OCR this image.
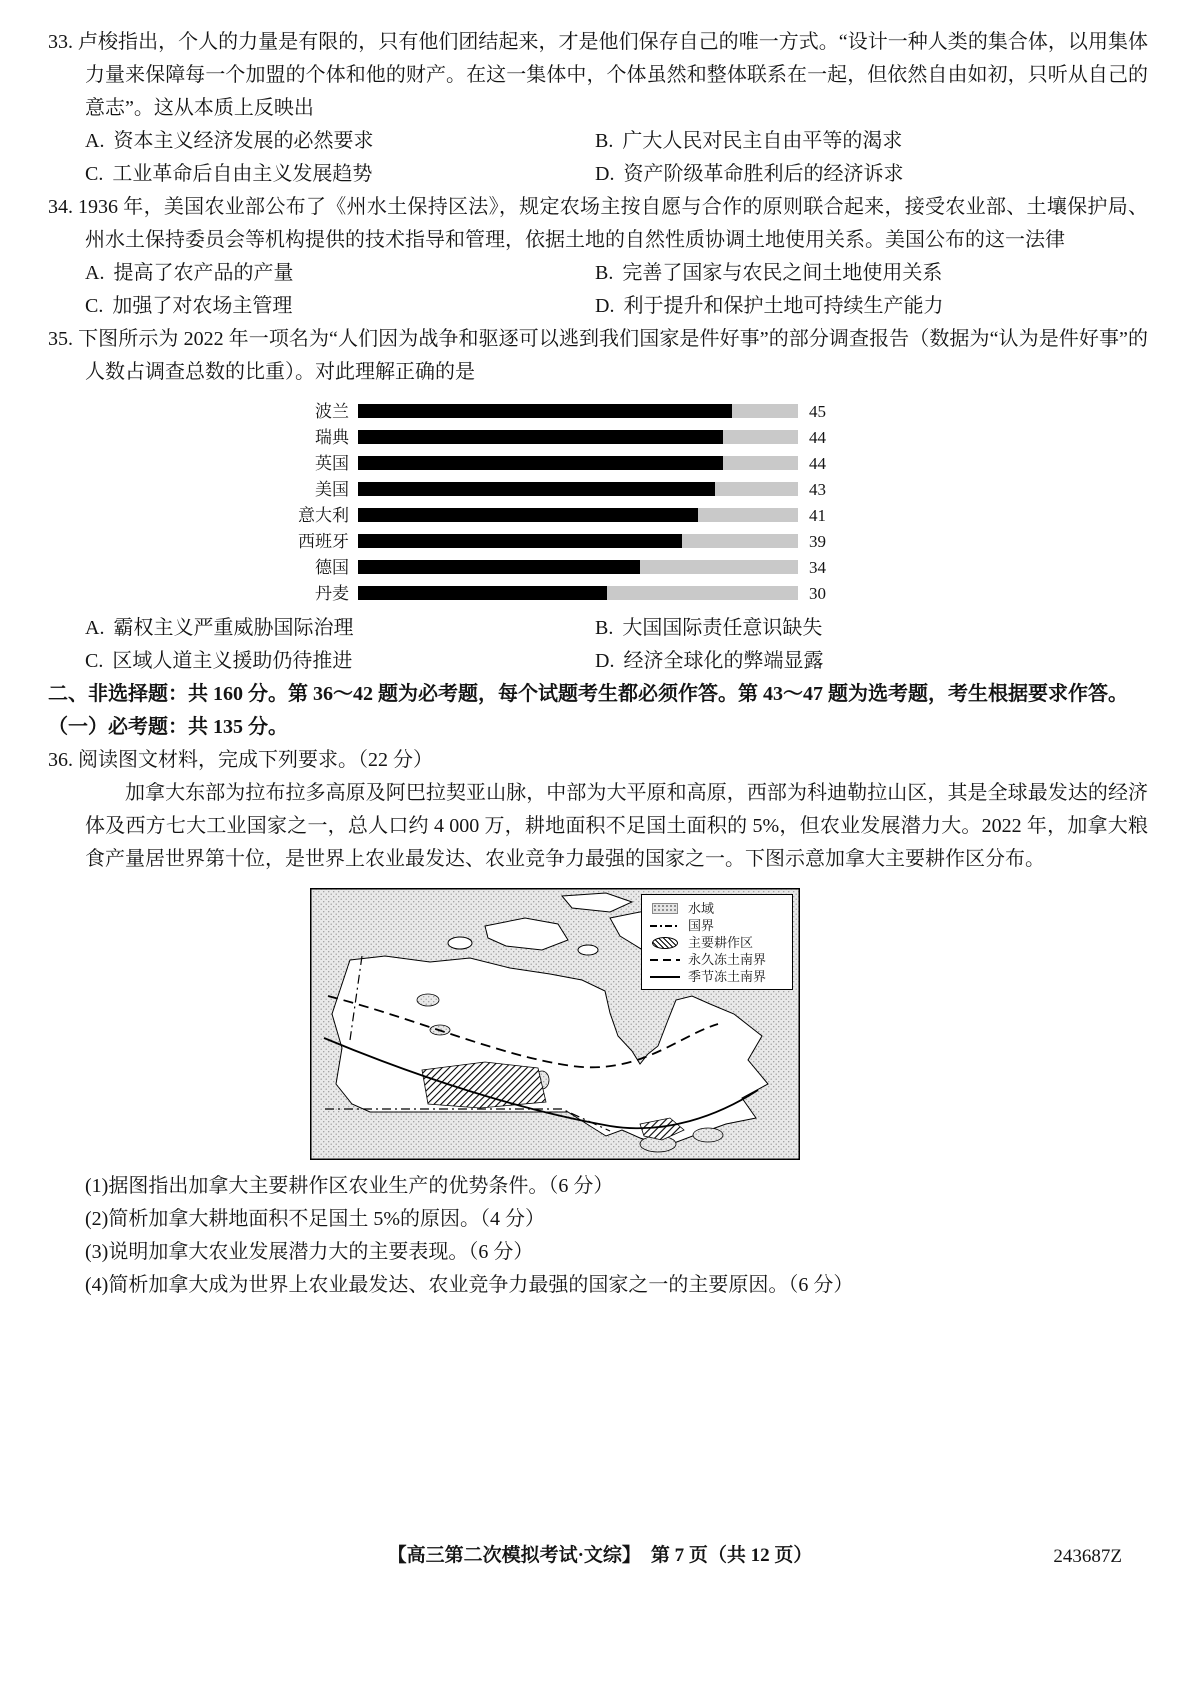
33. 卢梭指出，个人的力量是有限的，只有他们团结起来，才是他们保存自己的唯一方式。“设计一种人类的集合体，以用集体力量来保障每一个加盟的个体和他的财产。在这一集体中，个体虽然和整体联系在一起，但依然自由如初，只听从自己的意志”。这从本质上反映出
A. 资本主义经济发展的必然要求	B. 广大人民对民主自由平等的渴求
C. 工业革命后自由主义发展趋势	D. 资产阶级革命胜利后的经济诉求
34. 1936 年，美国农业部公布了《州水土保持区法》，规定农场主按自愿与合作的原则联合起来，接受农业部、土壤保护局、州水土保持委员会等机构提供的技术指导和管理，依据土地的自然性质协调土地使用关系。美国公布的这一法律
A. 提高了农产品的产量	B. 完善了国家与农民之间土地使用关系
C. 加强了对农场主管理	D. 利于提升和保护土地可持续生产能力
35. 下图所示为 2022 年一项名为“人们因为战争和驱逐可以逃到我们国家是件好事”的部分调查报告（数据为“认为是件好事”的人数占调查总数的比重）。对此理解正确的是
波兰	45
瑞典	44
英国	44
美国	43
意大利	41
西班牙	39
德国	34
丹麦	30
A. 霸权主义严重威胁国际治理	B. 大国国际责任意识缺失
C. 区域人道主义援助仍待推进	D. 经济全球化的弊端显露
二、非选择题：共 160 分。第 36～42 题为必考题，每个试题考生都必须作答。第 43～47 题为选考题，考生根据要求作答。
（一）必考题：共 135 分。
36. 阅读图文材料，完成下列要求。（22 分）
加拿大东部为拉布拉多高原及阿巴拉契亚山脉，中部为大平原和高原，西部为科迪勒拉山区，其是全球最发达的经济体及西方七大工业国家之一，总人口约 4 000 万，耕地面积不足国土面积的 5%，但农业发展潜力大。2022 年，加拿大粮食产量居世界第十位，是世界上农业最发达、农业竞争力最强的国家之一。下图示意加拿大主要耕作区分布。
水域
国界
主要耕作区
永久冻土南界
季节冻土南界
(1)据图指出加拿大主要耕作区农业生产的优势条件。（6 分）
(2)简析加拿大耕地面积不足国土 5%的原因。（4 分）
(3)说明加拿大农业发展潜力大的主要表现。（6 分）
(4)简析加拿大成为世界上农业最发达、农业竞争力最强的国家之一的主要原因。（6 分）
【高三第二次模拟考试·文综】 第 7 页（共 12 页）	243687Z
